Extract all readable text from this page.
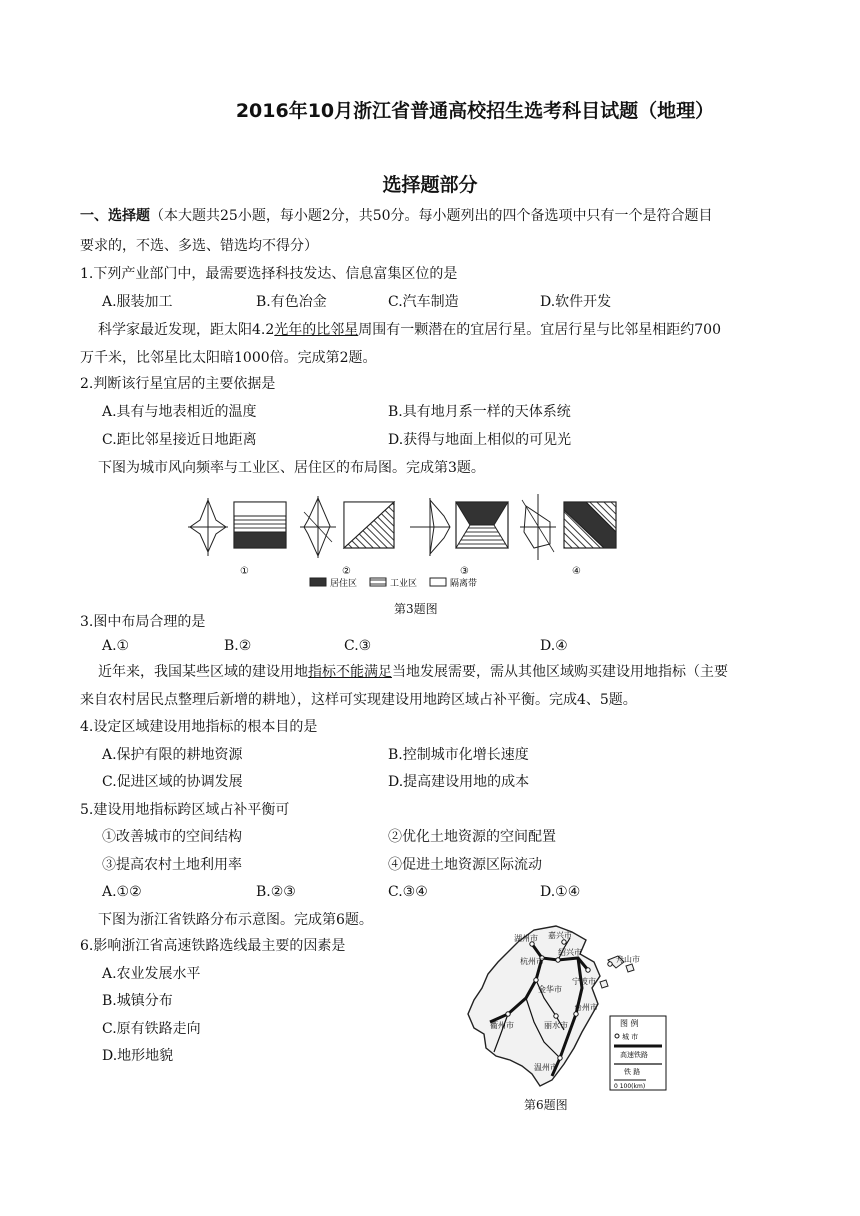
2016年10月浙江省普通高校招生选考科目试题（地理）
选择题部分
一、选择题（本大题共25小题，每小题2分，共50分。每小题列出的四个备选项中只有一个是符合题目
要求的，不选、多选、错选均不得分）
1.下列产业部门中，最需要选择科技发达、信息富集区位的是
A.服装加工	B.有色冶金	C.汽车制造	D.软件开发
科学家最近发现，距太阳4.2光年的比邻星周围有一颗潜在的宜居行星。宜居行星与比邻星相距约700
万千米，比邻星比太阳暗1000倍。完成第2题。
2.判断该行星宜居的主要依据是
A.具有与地表相近的温度	B.具有地月系一样的天体系统
C.距比邻星接近日地距离	D.获得与地面上相似的可见光
下图为城市风向频率与工业区、居住区的布局图。完成第3题。
①	②	③	④
居住区	工业区	隔离带
第3题图
3.图中布局合理的是
A.①	B.②	C.③	D.④
近年来，我国某些区域的建设用地指标不能满足当地发展需要，需从其他区域购买建设用地指标（主要
来自农村居民点整理后新增的耕地），这样可实现建设用地跨区域占补平衡。完成4、5题。
4.设定区域建设用地指标的根本目的是
A.保护有限的耕地资源	B.控制城市化增长速度
C.促进区域的协调发展	D.提高建设用地的成本
5.建设用地指标跨区域占补平衡可
①改善城市的空间结构	②优化土地资源的空间配置
③提高农村土地利用率	④促进土地资源区际流动
A.①②	B.②③	C.③④	D.①④
下图为浙江省铁路分布示意图。完成第6题。
6.影响浙江省高速铁路选线最主要的因素是
A.农业发展水平
B.城镇分布
C.原有铁路走向
D.地形地貌
湖州市 嘉兴市
杭州市
绍兴市
宁波市
舟山市
衢州市
金华市
台州市
丽水市
温州市
图 例
城 市
高速铁路
铁 路
0 100(km)
第6题图
